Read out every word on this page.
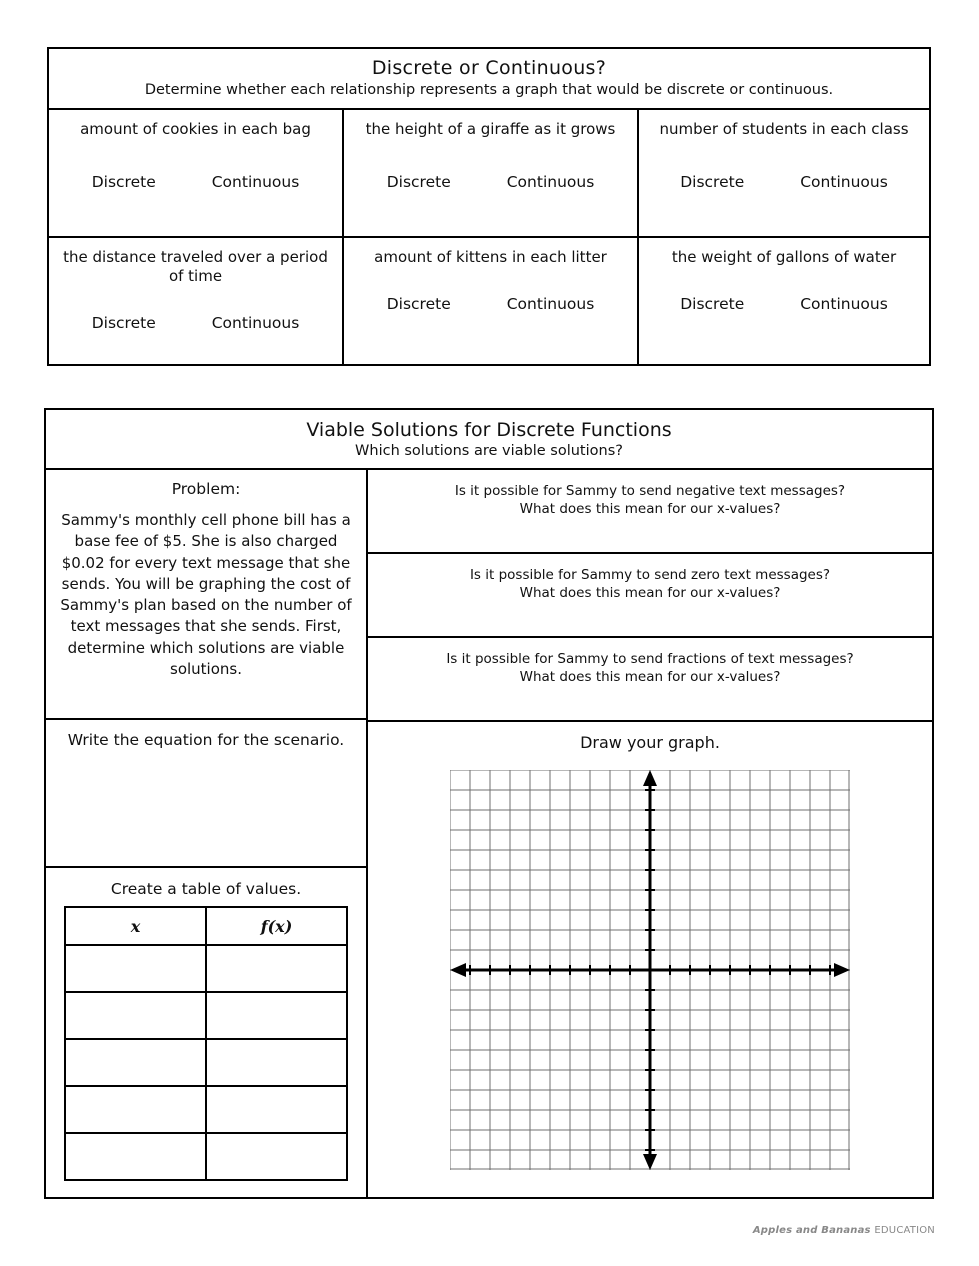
Discrete or Continuous?
Determine whether each relationship represents a graph that would be discrete or continuous.
amount of cookies in each bag
Discrete	Continuous
the height of a giraffe as it grows
Discrete	Continuous
number of students in each class
Discrete	Continuous
the distance traveled over a period of time
Discrete	Continuous
amount of kittens in each litter
Discrete	Continuous
the weight of gallons of water
Discrete	Continuous
Viable Solutions for Discrete Functions
Which solutions are viable solutions?
Problem:
Sammy's monthly cell phone bill has a base fee of $5. She is also charged $0.02 for every text message that she sends. You will be graphing the cost of Sammy's plan based on the number of text messages that she sends. First, determine which solutions are viable solutions.
Write the equation for the scenario.
Create a table of values.
x	f(x)

Is it possible for Sammy to send negative text messages?
What does this mean for our x-values?
Is it possible for Sammy to send zero text messages?
What does this mean for our x-values?
Is it possible for Sammy to send fractions of text messages?
What does this mean for our x-values?
Draw your graph.
Apples and Bananas EDUCATION
